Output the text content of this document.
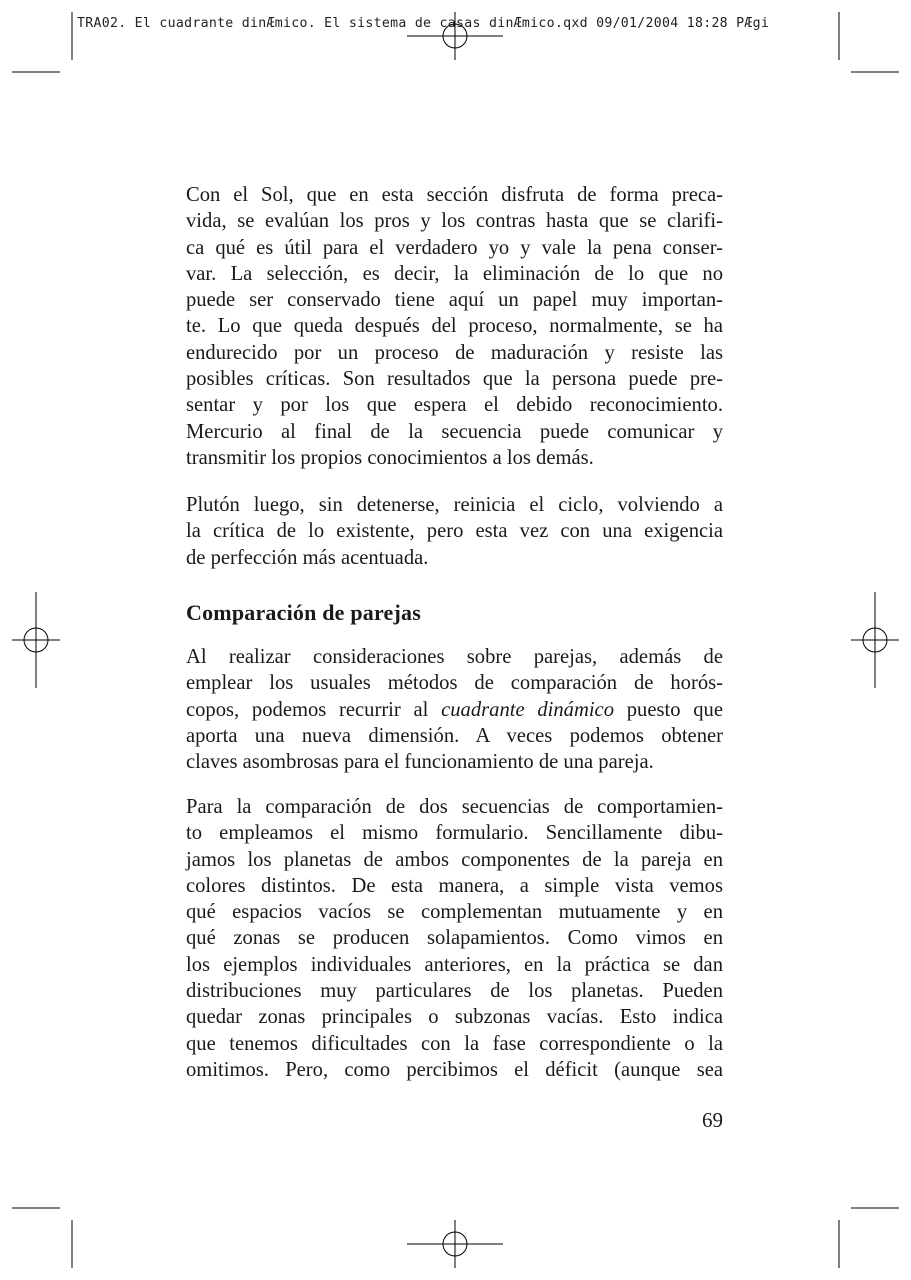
TRA02. El cuadrante dinÆmico. El sistema de casas dinÆmico.qxd 09/01/2004 18:28 PÆgi
Con el Sol, que en esta sección disfruta de forma preca-
vida, se evalúan los pros y los contras hasta que se clarifi-
ca qué es útil para el verdadero yo y vale la pena conser-
var. La selección, es decir, la eliminación de lo que no
puede ser conservado tiene aquí un papel muy importan-
te. Lo que queda después del proceso, normalmente, se ha
endurecido por un proceso de maduración y resiste las
posibles críticas. Son resultados que la persona puede pre-
sentar y por los que espera el debido reconocimiento.
Mercurio al final de la secuencia puede comunicar y
transmitir los propios conocimientos a los demás.
Plutón luego, sin detenerse, reinicia el ciclo, volviendo a
la crítica de lo existente, pero esta vez con una exigencia
de perfección más acentuada.
Comparación de parejas
Al realizar consideraciones sobre parejas, además de
emplear los usuales métodos de comparación de horós-
copos, podemos recurrir al cuadrante dinámico puesto que
aporta una nueva dimensión. A veces podemos obtener
claves asombrosas para el funcionamiento de una pareja.
Para la comparación de dos secuencias de comportamien-
to empleamos el mismo formulario. Sencillamente dibu-
jamos los planetas de ambos componentes de la pareja en
colores distintos. De esta manera, a simple vista vemos
qué espacios vacíos se complementan mutuamente y en
qué zonas se producen solapamientos. Como vimos en
los ejemplos individuales anteriores, en la práctica se dan
distribuciones muy particulares de los planetas. Pueden
quedar zonas principales o subzonas vacías. Esto indica
que tenemos dificultades con la fase correspondiente o la
omitimos. Pero, como percibimos el déficit (aunque sea
69
